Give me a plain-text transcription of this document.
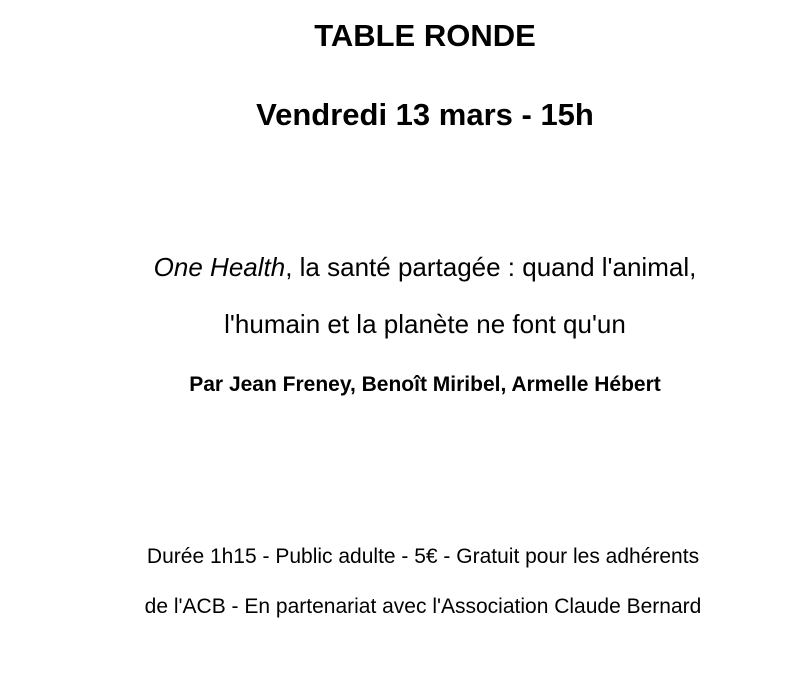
TABLE RONDE
Vendredi 13 mars - 15h
One Health, la santé partagée : quand l'animal,
l'humain et la planète ne font qu'un
Par Jean Freney, Benoît Miribel, Armelle Hébert
Durée 1h15 - Public adulte - 5€ - Gratuit pour les adhérents
de l'ACB - En partenariat avec l'Association Claude Bernard
